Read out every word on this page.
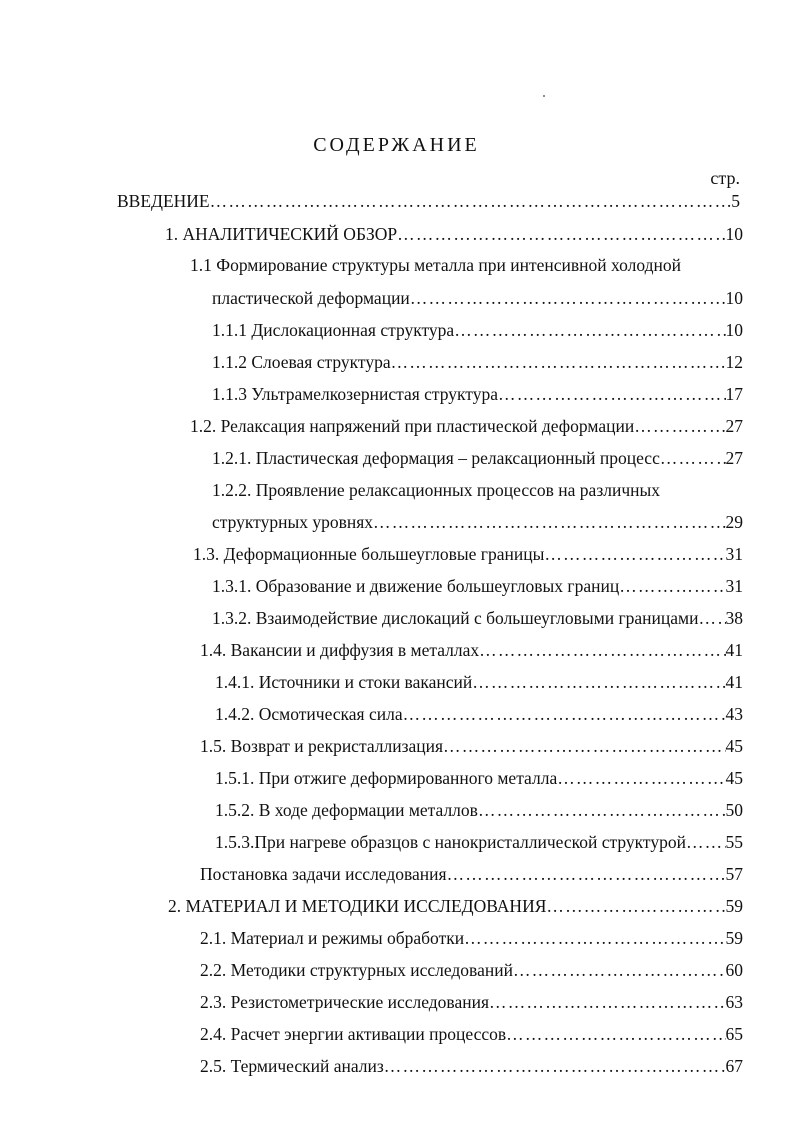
СОДЕРЖАНИЕ
стр.
ВВЕДЕНИЕ …………………………………………………………………………………………………………………………………………………………………………………………………………	5
1. АНАЛИТИЧЕСКИЙ ОБЗОР …………………………………………………………………………………………………………………………………………………………………………………………………………	10
1.1 Формирование структуры металла при интенсивной холодной
пластической деформации …………………………………………………………………………………………………………………………………………………………………………………………………………	10
1.1.1 Дислокационная структура …………………………………………………………………………………………………………………………………………………………………………………………………………	10
1.1.2 Слоевая структура …………………………………………………………………………………………………………………………………………………………………………………………………………	12
1.1.3 Ультрамелкозернистая структура …………………………………………………………………………………………………………………………………………………………………………………………………………	17
1.2. Релаксация напряжений при пластической деформации …………………………………………………………………………………………………………………………………………………………………………………………………………	27
1.2.1. Пластическая деформация – релаксационный процесс …………………………………………………………………………………………………………………………………………………………………………………………………………	27
1.2.2. Проявление релаксационных процессов на различных
структурных уровнях …………………………………………………………………………………………………………………………………………………………………………………………………………	29
1.3. Деформационные большеугловые границы …………………………………………………………………………………………………………………………………………………………………………………………………………	31
1.3.1. Образование и движение большеугловых границ …………………………………………………………………………………………………………………………………………………………………………………………………………	31
1.3.2. Взаимодействие дислокаций с большеугловыми границами ………………………………………………………………………………………………………………………………………………………………………………………………………… 38
1.4. Вакансии и диффузия в металлах …………………………………………………………………………………………………………………………………………………………………………………………………………	41
1.4.1. Источники и стоки вакансий …………………………………………………………………………………………………………………………………………………………………………………………………………	41
1.4.2. Осмотическая сила …………………………………………………………………………………………………………………………………………………………………………………………………………	43
1.5. Возврат и рекристаллизация …………………………………………………………………………………………………………………………………………………………………………………………………………	45
1.5.1. При отжиге деформированного металла …………………………………………………………………………………………………………………………………………………………………………………………………………	45
1.5.2. В ходе деформации металлов …………………………………………………………………………………………………………………………………………………………………………………………………………	50
1.5.3.При нагреве образцов с нанокристаллической структурой ………………………………………………………………………………………………………………………………………………………………………………………………………… 55
Постановка задачи исследования …………………………………………………………………………………………………………………………………………………………………………………………………………	57
2. МАТЕРИАЛ И МЕТОДИКИ ИССЛЕДОВАНИЯ …………………………………………………………………………………………………………………………………………………………………………………………………………	59
2.1. Материал и режимы обработки …………………………………………………………………………………………………………………………………………………………………………………………………………	59
2.2. Методики структурных исследований …………………………………………………………………………………………………………………………………………………………………………………………………………	60
2.3. Резистометрические исследования …………………………………………………………………………………………………………………………………………………………………………………………………………	63
2.4. Расчет энергии активации процессов …………………………………………………………………………………………………………………………………………………………………………………………………………	65
2.5. Термический анализ …………………………………………………………………………………………………………………………………………………………………………………………………………	67
